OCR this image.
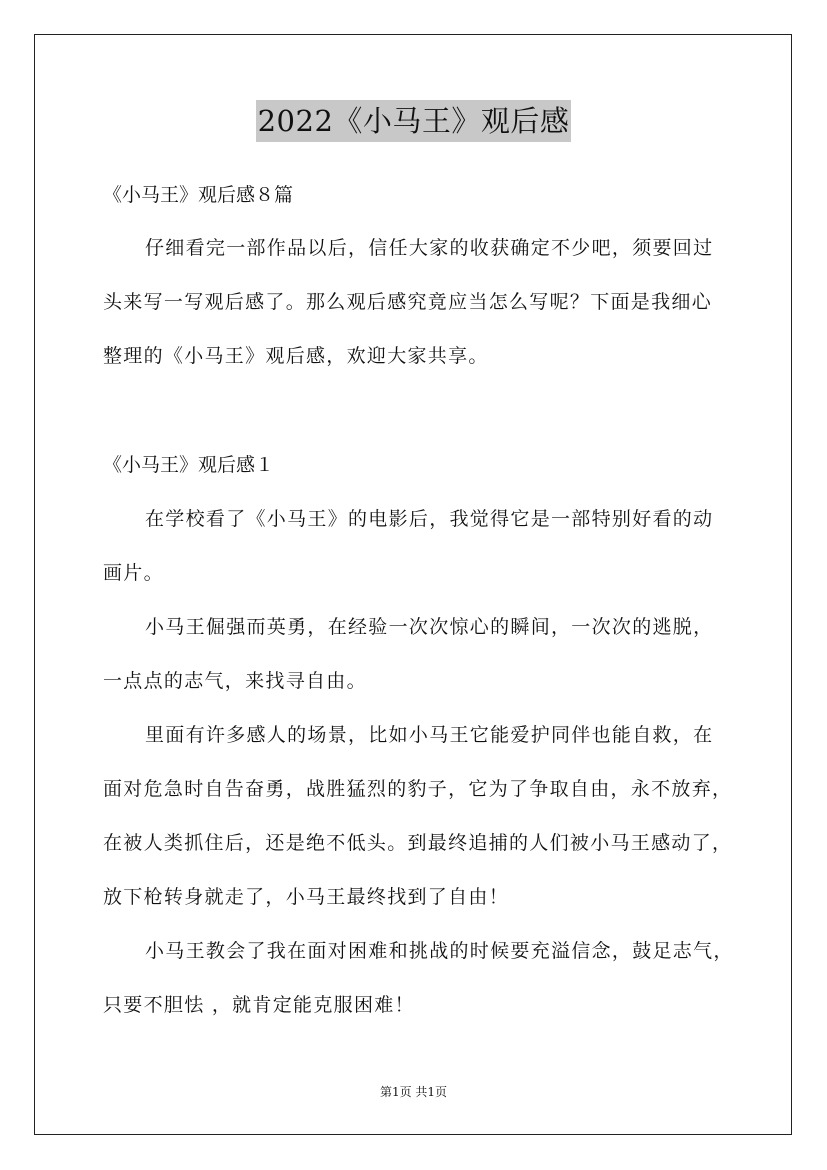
2022《小马王》观后感
《小马王》观后感８篇
仔细看完一部作品以后，信任大家的收获确定不少吧，须要回过
头来写一写观后感了。那么观后感究竟应当怎么写呢？下面是我细心
整理的《小马王》观后感，欢迎大家共享。
《小马王》观后感１
在学校看了《小马王》的电影后，我觉得它是一部特别好看的动
画片。
小马王倔强而英勇，在经验一次次惊心的瞬间，一次次的逃脱，
一点点的志气，来找寻自由。
里面有许多感人的场景，比如小马王它能爱护同伴也能自救，在
面对危急时自告奋勇，战胜猛烈的豹子，它为了争取自由，永不放弃，
在被人类抓住后，还是绝不低头。到最终追捕的人们被小马王感动了，
放下枪转身就走了，小马王最终找到了自由！
小马王教会了我在面对困难和挑战的时候要充溢信念，鼓足志气，
只要不胆怯 ，就肯定能克服困难！
第1页 共1页
